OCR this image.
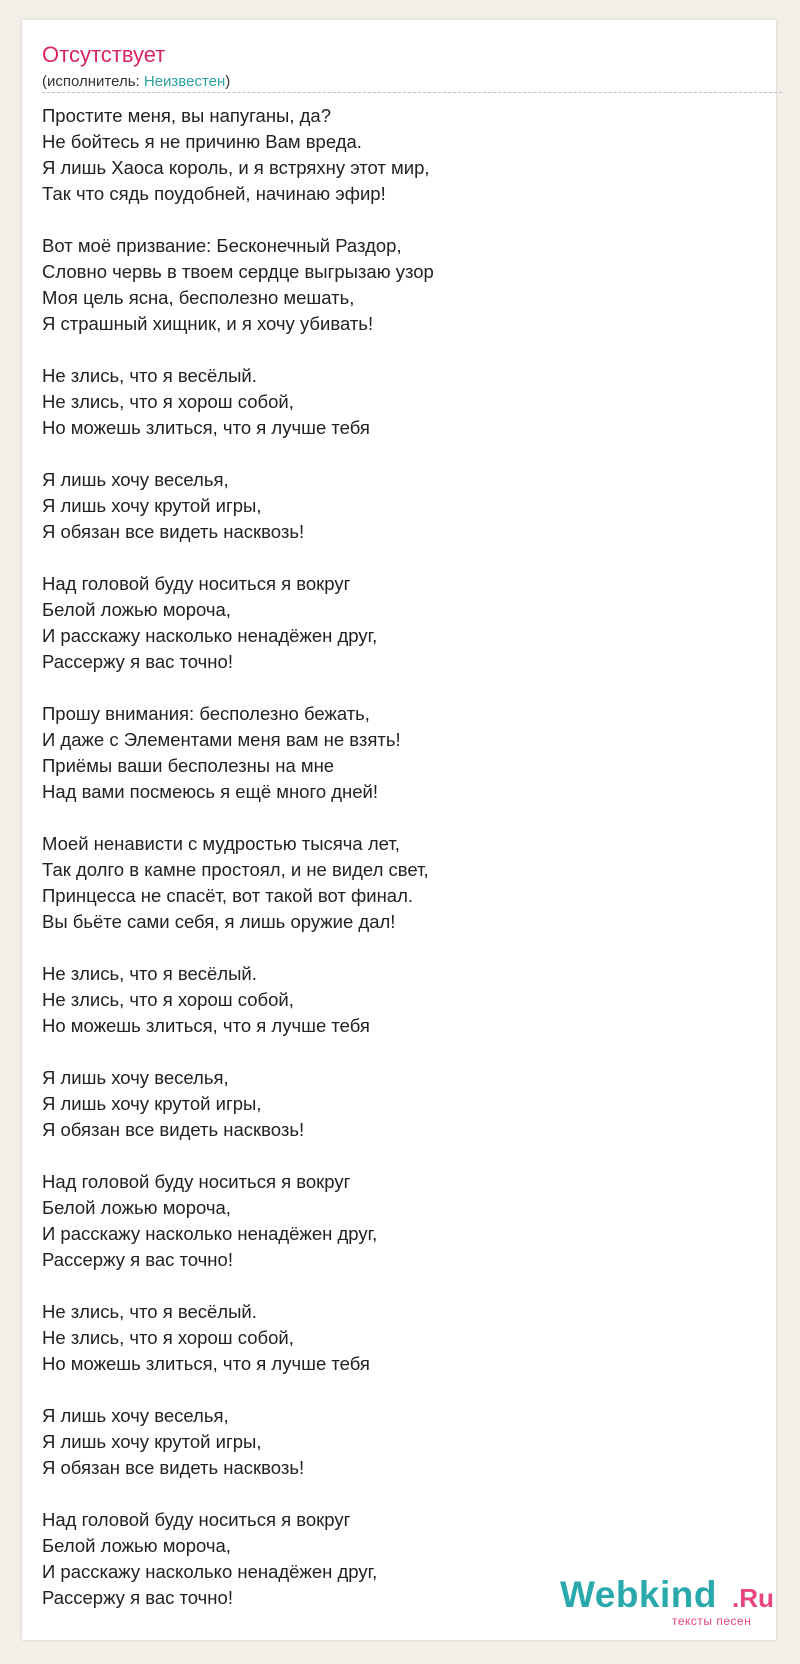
Отсутствует
(исполнитель: Неизвестен)
Простите меня, вы напуганы, да?
Не бойтесь я не причиню Вам вреда.
Я лишь Хаоса король, и я встряхну этот мир,
Так что сядь поудобней, начинаю эфир!
Вот моё призвание: Бесконечный Раздор,
Словно червь в твоем сердце выгрызаю узор
Моя цель ясна, бесполезно мешать,
Я страшный хищник, и я хочу убивать!
Не злись, что я весёлый.
Не злись, что я хорош собой,
Но можешь злиться, что я лучше тебя
Я лишь хочу веселья,
Я лишь хочу крутой игры,
Я обязан все видеть насквозь!
Над головой буду носиться я вокруг
Белой ложью мороча,
И расскажу насколько ненадёжен друг,
Рассержу я вас точно!
Прошу внимания: бесполезно бежать,
И даже с Элементами меня вам не взять!
Приёмы ваши бесполезны на мне
Над вами посмеюсь я ещё много дней!
Моей ненависти с мудростью тысяча лет,
Так долго в камне простоял, и не видел свет,
Принцесса не спасёт, вот такой вот финал.
Вы бьёте сами себя, я лишь оружие дал!
Не злись, что я весёлый.
Не злись, что я хорош собой,
Но можешь злиться, что я лучше тебя
Я лишь хочу веселья,
Я лишь хочу крутой игры,
Я обязан все видеть насквозь!
Над головой буду носиться я вокруг
Белой ложью мороча,
И расскажу насколько ненадёжен друг,
Рассержу я вас точно!
Не злись, что я весёлый.
Не злись, что я хорош собой,
Но можешь злиться, что я лучше тебя
Я лишь хочу веселья,
Я лишь хочу крутой игры,
Я обязан все видеть насквозь!
Над головой буду носиться я вокруг
Белой ложью мороча,
И расскажу насколько ненадёжен друг,
Рассержу я вас точно!	Webkind .Ru
тексты песен
